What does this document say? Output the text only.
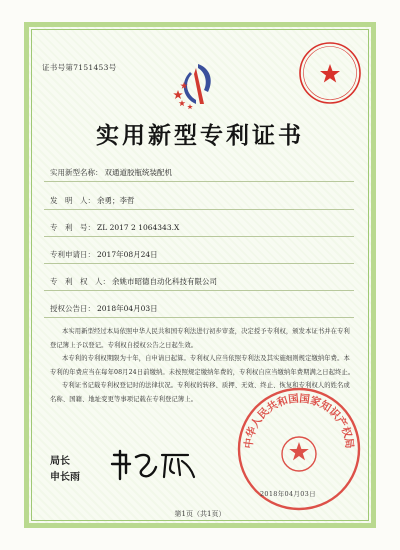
证书号第7151453号
实用新型专利证书
实用新型名称： 双通道胶瓶统装配机
发　明　人： 余勇；李哲
专　利　号： ZL 2017 2 1064343.X
专利申请日： 2017年08月24日
专　利　权　人： 余姚市昭德自动化科技有限公司
授权公告日： 2018年04月03日

本实用新型经过本局依照中华人民共和国专利法进行初步审查，决定授予专利权，颁发本证书并在专利登记簿上予以登记。专利权自授权公告之日起生效。

本专利的专利权期限为十年，自申请日起算。专利权人应当依照专利法及其实施细则规定缴纳年费。本专利的年费应当在每年08月24日前缴纳。未按照规定缴纳年费的，专利权自应当缴纳年费期满之日起终止。

专利证书记载专利权登记时的法律状况。专利权的转移、质押、无效、终止、恢复和专利权人的姓名或名称、国籍、地址变更等事项记载在专利登记簿上。

中华人民共和国国家知识产权局
局长
申长雨
2018年04月03日
第1页（共1页）
